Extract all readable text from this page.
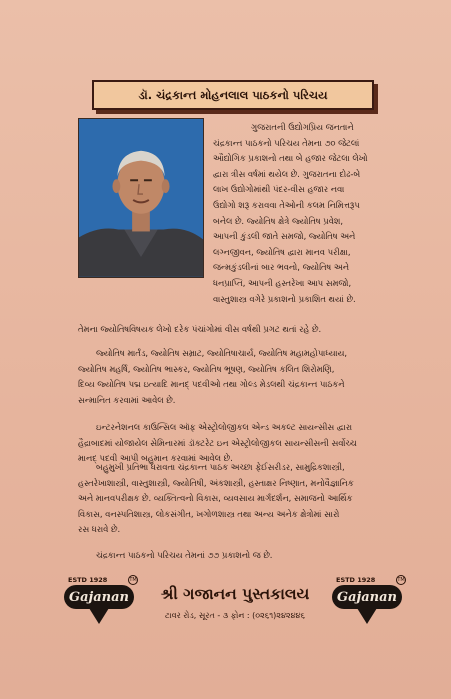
ડૉ. ચંદ્રકાન્ત મોહનલાલ પાઠકનો પરિચય
ગુજરાતની ઉદ્યોગપ્રિય જનતાને
ચંદ્રકાન્ત પાઠકનો પરિચય તેમના ૭૦ જેટલાં
ઔદ્યોગિક પ્રકાશનો તથા બે હજાર જેટલા લેખો
દ્વારા ત્રીસ વર્ષમાં થયેલ છે. ગુજરાતના દોઢ-બે
લાખ ઉદ્યોગોમાંથી પંદર-વીસ હજાર નવા
ઉદ્યોગો શરૂ કરાવવા તેઓની કલમ નિમિત્તરૂપ
બનેલ છે. જ્યોતિષ ક્ષેત્રે જ્યોતિષ પ્રવેશ,
આપની કુંડલી જાતે સમજો, જ્યોતિષ અને
લગ્નજીવન, જ્યોતિષ દ્વારા માનવ પરીક્ષા,
જન્મકુંડલીનાં બાર ભવનો, જ્યોતિષ અને
ધનપ્રાપ્તિ, આપની હસ્તરેખા આપ સમજો,
વાસ્તુશાસ્ત્ર વગેરે પ્રકાશનો પ્રકાશિત થયાં છે.
તેમના જ્યોતિષવિષયક લેખો દરેક પંચાંગોમાં વીસ વર્ષથી પ્રગટ થતાં રહે છે.
જ્યોતિષ માર્તંડ, જ્યોતિષ સમ્રાટ, જ્યોતિષાચાર્ય, જ્યોતિષ મહામહોપાધ્યાય,
જ્યોતિષ મહર્ષિ, જ્યોતિષ ભાસ્કર, જ્યોતિષ ભૂષણ, જ્યોતિષ કલિત શિરોમણિ,
દિવ્ય જ્યોતિષ પદ્મ ઇત્યાદિ માનદ્ પદવીઓ તથા ગોલ્ડ મેડલથી ચંદ્રકાન્ત પાઠકને
સન્માનિત કરવામાં આવેલ છે.
ઇન્ટરનેશનલ કાઉન્સિલ ઑફ એસ્ટ્રોલોજીકલ એન્ડ અકલ્ટ સાયન્સીસ દ્વારા
હૈદ્રાબાદમાં યોજાયેલ સેમિનારમાં ડૉક્ટરેટ ઇન એસ્ટ્રોલોજીકલ સાયન્સીસની સર્વોચ્ચ
માનદ્ પદવી આપી બહુમાન કરવામાં આવેલ છે.
બહુમુખી પ્રતિભા ધરાવતા ચંદ્રકાન્ત પાઠક અચ્છા ફેઈસરીડર, સામુદ્રિકશાસ્ત્રી,
હસ્તરેખાશાસ્ત્રી, વાસ્તુશાસ્ત્રી, જ્યોતિષી, અંકશાસ્ત્રી, હસ્તાક્ષર નિષ્ણાત, મનોવૈજ્ઞાનિક
અને માનવપરીક્ષક છે. વ્યક્તિત્વનો વિકાસ, વ્યવસાય માર્ગદર્શન, સમાજનો આર્થિક
વિકાસ, વનસ્પતિશાસ્ત્ર, લોકસંગીત, ખગોળશાસ્ત્ર તથા અન્ય અનેક ક્ષેત્રોમાં સારો
રસ ધરાવે છે.
ચંદ્રકાન્ત પાઠકનો પરિચય તેમનાં ૭૭ પ્રકાશનો જ છે.
ESTD 1928	TM
Gajanan	શ્રી ગજાનન પુસ્તકાલય
ટાવર રોડ, સૂરત - ૩ ફોન : (૦૨૬૧)૨૪૨૪૪૬
ESTD 1928	TM
Gajanan
